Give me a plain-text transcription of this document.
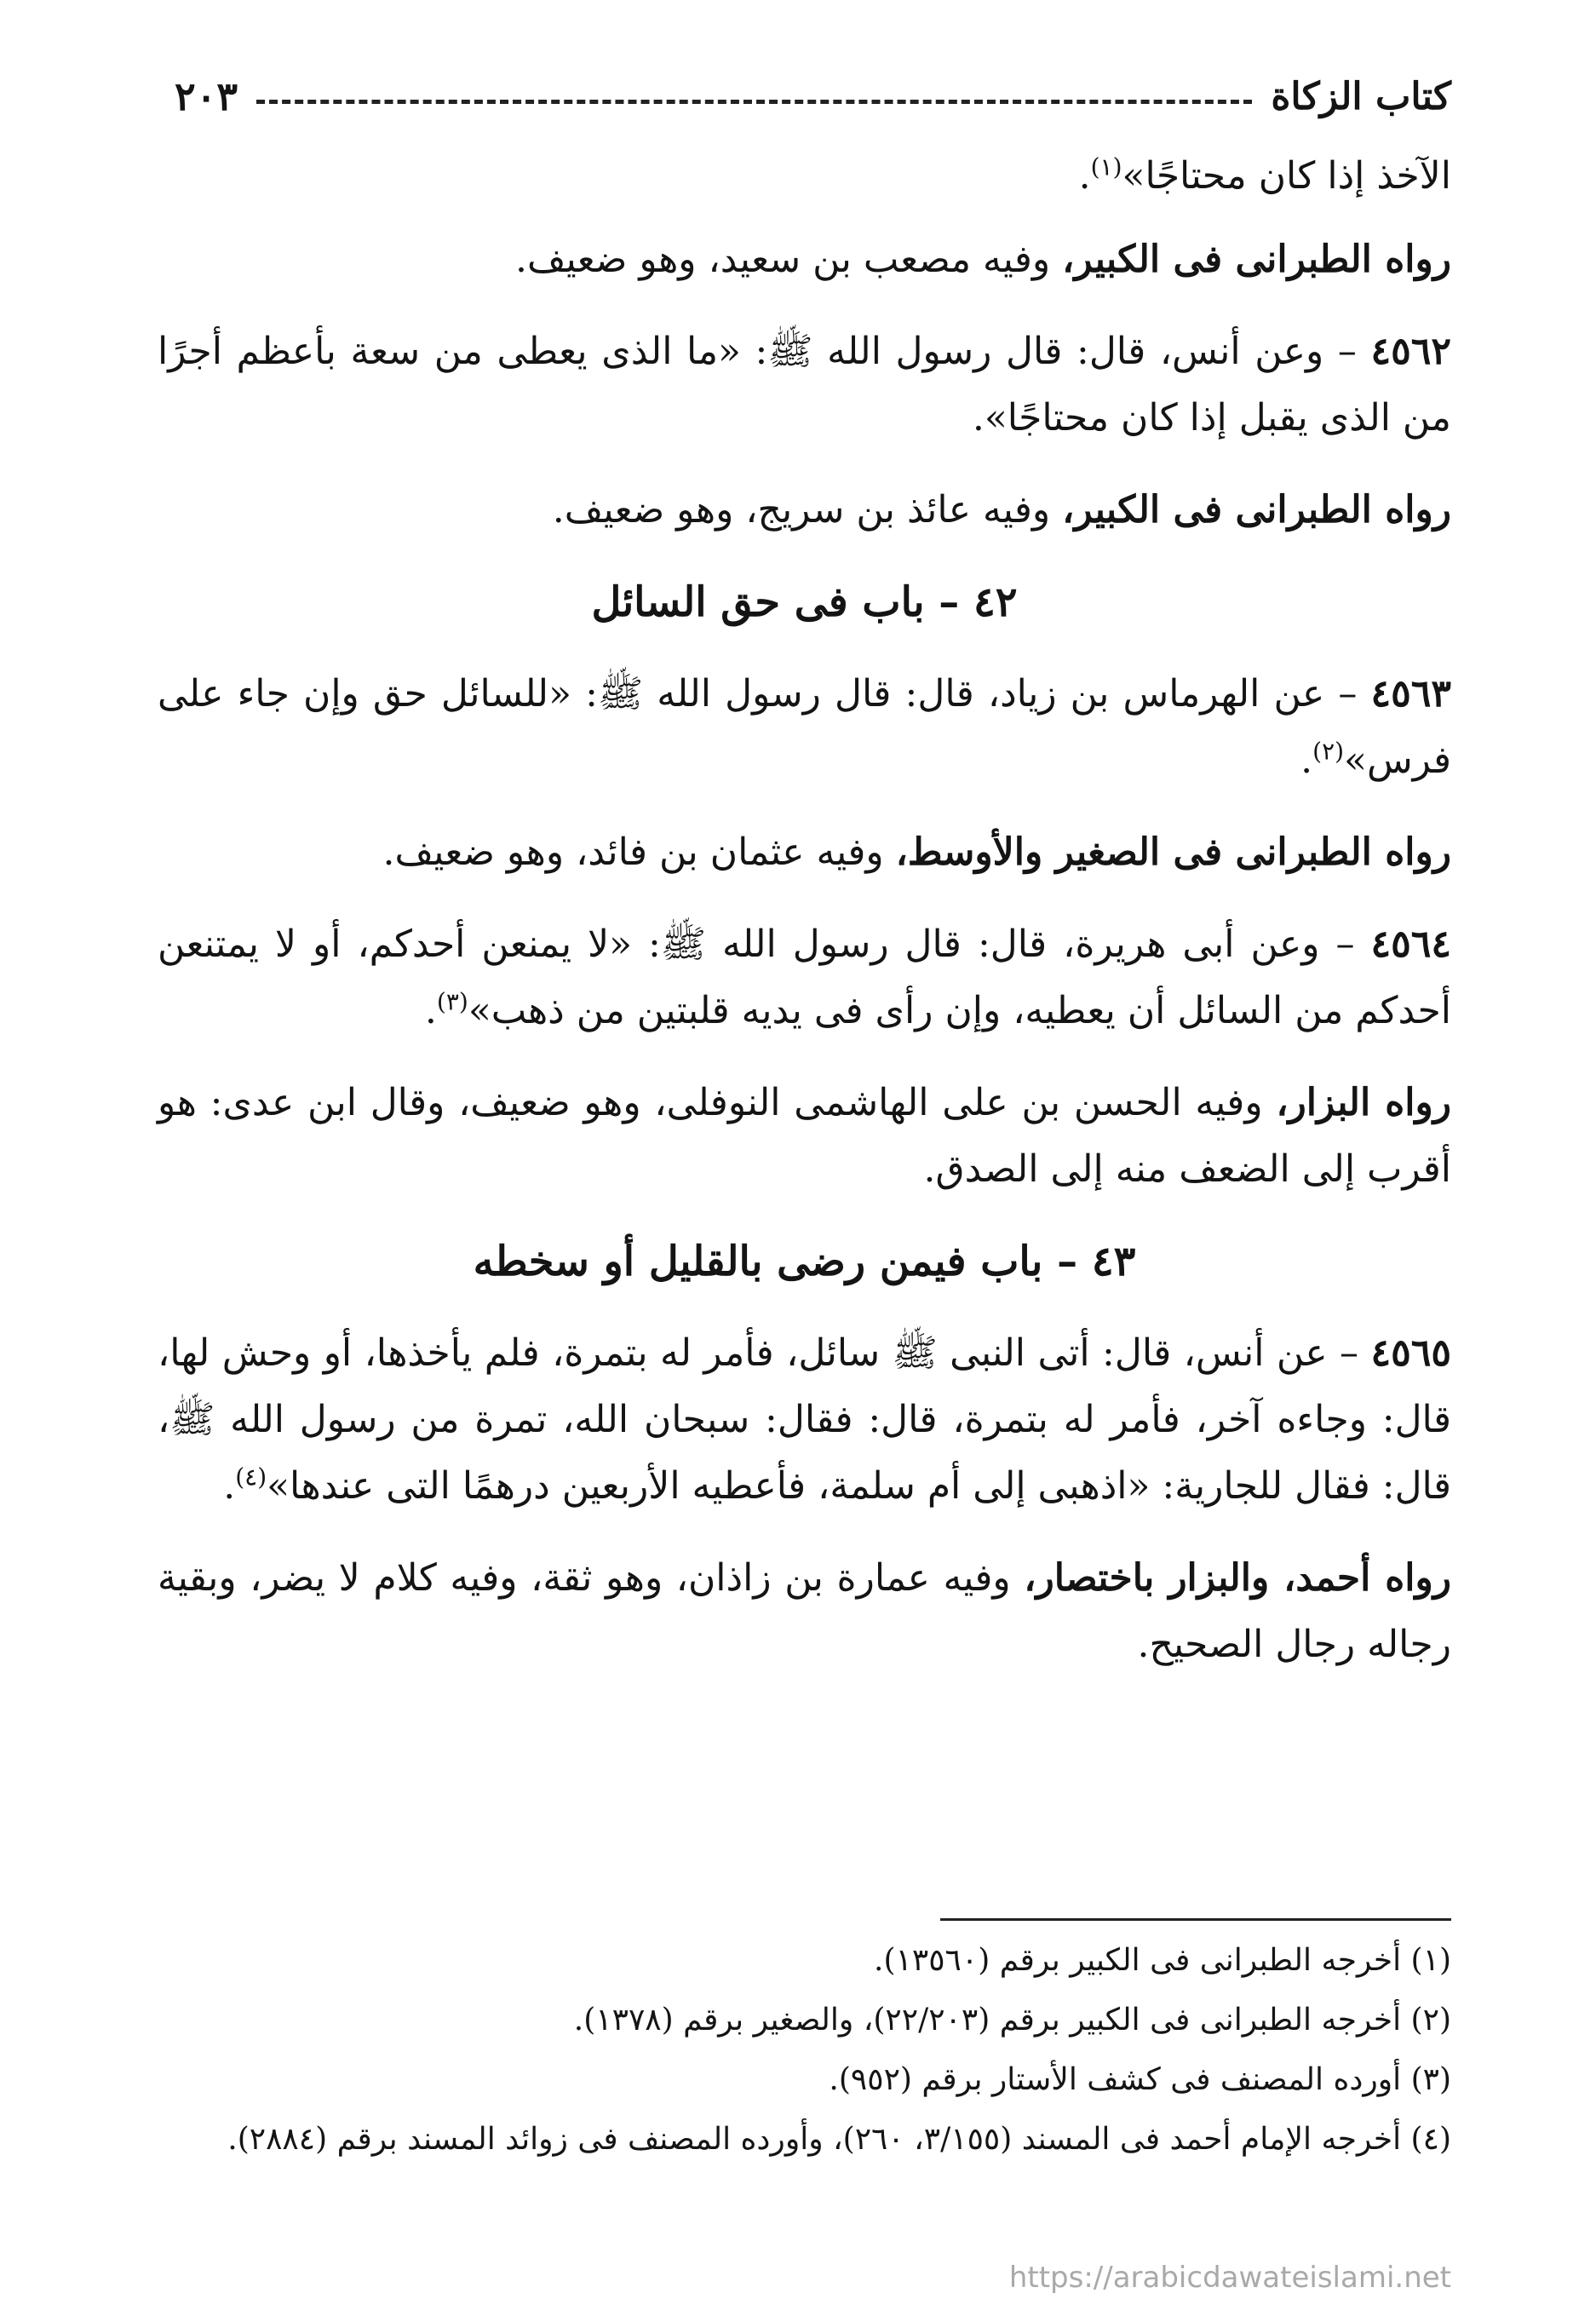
كتاب الزكاة
٢٠٣

الآخذ إذا كان محتاجًا»$^{(١)}$.

رواه الطبرانى فى الكبير، وفيه مصعب بن سعيد، وهو ضعيف.

٤٥٦٢ – وعن أنس، قال: قال رسول الله ﷺ: «ما الذى يعطى من سعة بأعظم أجرًا من الذى يقبل إذا كان محتاجًا».

رواه الطبرانى فى الكبير، وفيه عائذ بن سريج، وهو ضعيف.

٤٢ – باب فى حق السائل

٤٥٦٣ – عن الهرماس بن زياد، قال: قال رسول الله ﷺ: «للسائل حق وإن جاء على فرس»$^{(٢)}$.

رواه الطبرانى فى الصغير والأوسط، وفيه عثمان بن فائد، وهو ضعيف.

٤٥٦٤ – وعن أبى هريرة، قال: قال رسول الله ﷺ: «لا يمنعن أحدكم، أو لا يمتنعن أحدكم من السائل أن يعطيه، وإن رأى فى يديه قلبتين من ذهب»$^{(٣)}$.

رواه البزار، وفيه الحسن بن على الهاشمى النوفلى، وهو ضعيف، وقال ابن عدى: هو أقرب إلى الضعف منه إلى الصدق.

٤٣ – باب فيمن رضى بالقليل أو سخطه

٤٥٦٥ – عن أنس، قال: أتى النبى ﷺ سائل، فأمر له بتمرة، فلم يأخذها، أو وحش لها، قال: وجاءه آخر، فأمر له بتمرة، قال: فقال: سبحان الله، تمرة من رسول الله ﷺ، قال: فقال للجارية: «اذهبى إلى أم سلمة، فأعطيه الأربعين درهمًا التى عندها»$^{(٤)}$.

رواه أحمد، والبزار باختصار، وفيه عمارة بن زاذان، وهو ثقة، وفيه كلام لا يضر، وبقية رجاله رجال الصحيح.

(١) أخرجه الطبرانى فى الكبير برقم (١٣٥٦٠).

(٢) أخرجه الطبرانى فى الكبير برقم (٢٢/٢٠٣)، والصغير برقم (١٣٧٨).

(٣) أورده المصنف فى كشف الأستار برقم (٩٥٢).

(٤) أخرجه الإمام أحمد فى المسند (٣/١٥٥، ٢٦٠)، وأورده المصنف فى زوائد المسند برقم (٢٨٨٤).

https://arabicdawateislami.net
